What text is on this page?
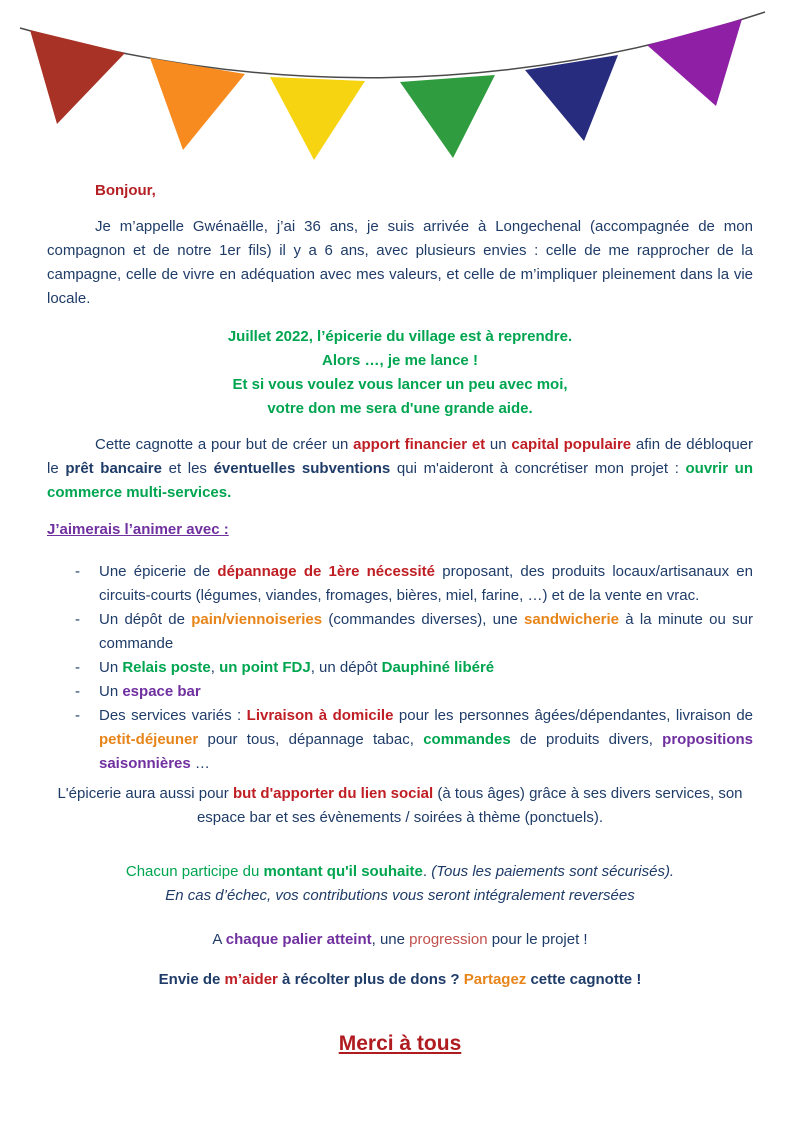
Bonjour,

Je m’appelle Gwénaëlle, j’ai 36 ans, je suis arrivée à Longechenal (accompagnée de mon compagnon et de notre 1er fils) il y a 6 ans, avec plusieurs envies : celle de me rapprocher de la campagne, celle de vivre en adéquation avec mes valeurs, et celle de m’impliquer pleinement dans la vie locale.

Juillet 2022, l’épicerie du village est à reprendre.

Alors …, je me lance !

Et si vous voulez vous lancer un peu avec moi,

votre don me sera d'une grande aide.

Cette cagnotte a pour but de créer un apport financier et un capital populaire afin de débloquer le prêt bancaire et les éventuelles subventions qui m'aideront à concrétiser mon projet : ouvrir un commerce multi-services.

J’aimerais l’animer avec :

-	Une épicerie de dépannage de 1ère nécessité proposant, des produits locaux/artisanaux en circuits-courts (légumes, viandes, fromages, bières, miel, farine, …) et de la vente en vrac.
-	Un dépôt de pain/viennoiseries (commandes diverses), une sandwicherie à la minute ou sur commande
-	Un Relais poste, un point FDJ, un dépôt Dauphiné libéré
-	Un espace bar
-	Des services variés : Livraison à domicile pour les personnes âgées/dépendantes, livraison de petit-déjeuner pour tous, dépannage tabac, commandes de produits divers, propositions saisonnières …

L'épicerie aura aussi pour but d'apporter du lien social (à tous âges) grâce à ses divers services, son espace bar et ses évènements / soirées à thème (ponctuels).

Chacun participe du montant qu'il souhaite. (Tous les paiements sont sécurisés).

En cas d’échec, vos contributions vous seront intégralement reversées

A chaque palier atteint, une progression pour le projet !

Envie de m’aider à récolter plus de dons ? Partagez cette cagnotte !

Merci à tous
